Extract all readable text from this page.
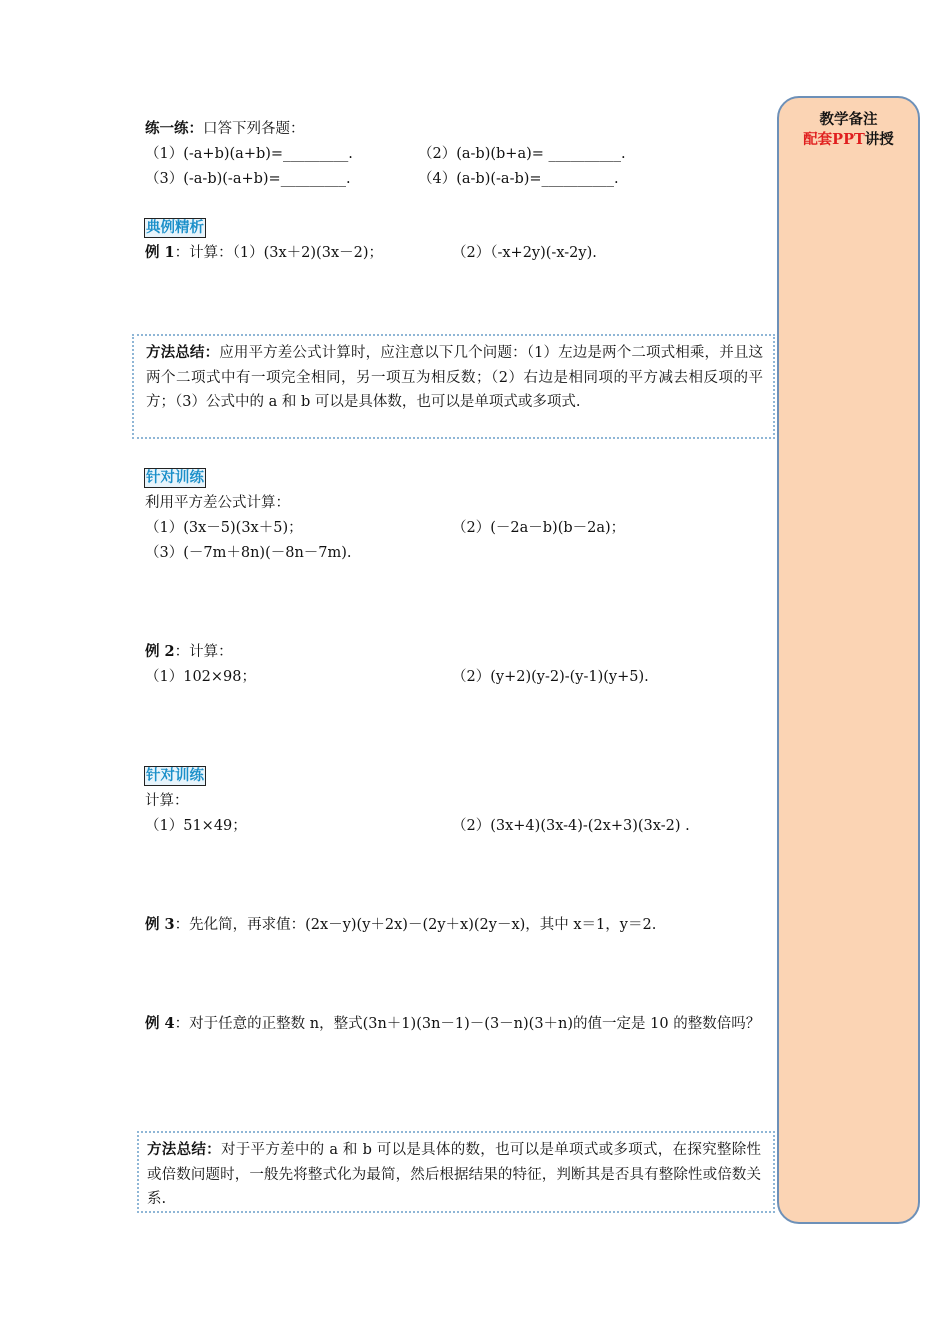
教学备注
配套PPT讲授
练一练：口答下列各题：
（1）(-a+b)(a+b)=_________.	（2）(a-b)(b+a)= __________.
（3）(-a-b)(-a+b)=_________.	（4）(a-b)(-a-b)=__________.
典例精析
例 1：计算：（1）(3x＋2)(3x－2)；	（2）（-x+2y)(-x-2y).

方法总结：应用平方差公式计算时，应注意以下几个问题：（1）左边是两个二项式相乘，并且这两个二项式中有一项完全相同，另一项互为相反数；（2）右边是相同项的平方减去相反项的平方；（3）公式中的 a 和 b 可以是具体数，也可以是单项式或多项式.

针对训练
利用平方差公式计算：
（1）(3x－5)(3x＋5)；	（2）(－2a－b)(b－2a)；
（3）(－7m＋8n)(－8n－7m).
例 2：计算：
（1）102×98；	（2）(y+2)(y-2)-(y-1)(y+5).
针对训练
计算：
（1）51×49；	（2）(3x+4)(3x-4)-(2x+3)(3x-2) .
例 3：先化简，再求值：(2x－y)(y＋2x)－(2y＋x)(2y－x)，其中 x＝1，y＝2.
例 4：对于任意的正整数 n，整式(3n＋1)(3n－1)－(3－n)(3＋n)的值一定是 10 的整数倍吗？

方法总结：对于平方差中的 a 和 b 可以是具体的数，也可以是单项式或多项式，在探究整除性或倍数问题时，一般先将整式化为最简，然后根据结果的特征，判断其是否具有整除性或倍数关系.
